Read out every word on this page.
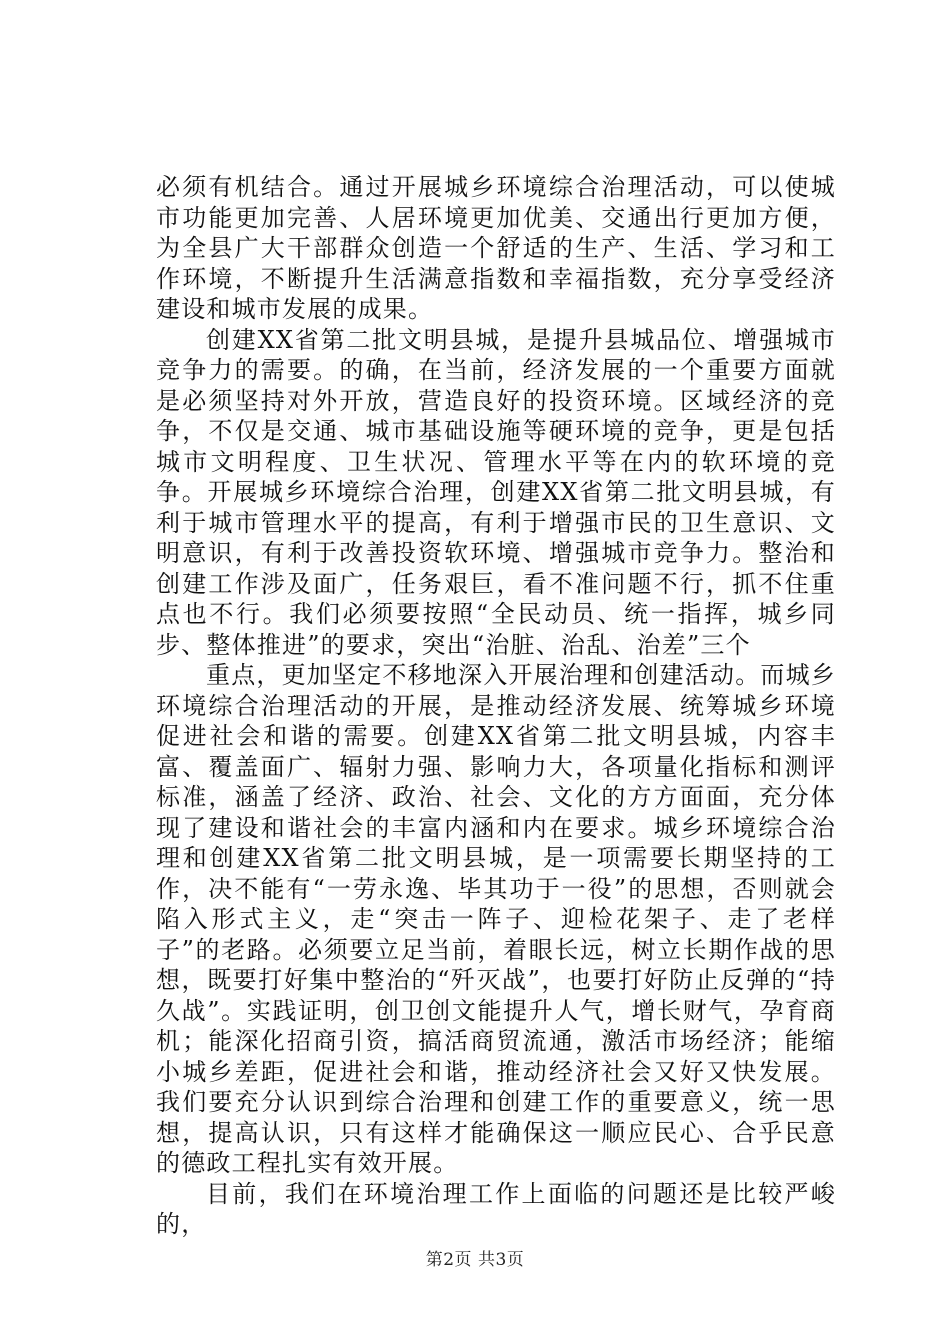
必须有机结合。通过开展城乡环境综合治理活动，可以使城市功能更加完善、人居环境更加优美、交通出行更加方便，为全县广大干部群众创造一个舒适的生产、生活、学习和工作环境，不断提升生活满意指数和幸福指数，充分享受经济建设和城市发展的成果。

创建XX省第二批文明县城，是提升县城品位、增强城市竞争力的需要。的确，在当前，经济发展的一个重要方面就是必须坚持对外开放，营造良好的投资环境。区域经济的竞争，不仅是交通、城市基础设施等硬环境的竞争，更是包括城市文明程度、卫生状况、管理水平等在内的软环境的竞争。开展城乡环境综合治理，创建XX省第二批文明县城，有利于城市管理水平的提高，有利于增强市民的卫生意识、文明意识，有利于改善投资软环境、增强城市竞争力。整治和创建工作涉及面广，任务艰巨，看不准问题不行，抓不住重点也不行。我们必须要按照“全民动员、统一指挥，城乡同步、整体推进”的要求，突出“治脏、治乱、治差”三个

重点，更加坚定不移地深入开展治理和创建活动。而城乡环境综合治理活动的开展，是推动经济发展、统筹城乡环境促进社会和谐的需要。创建XX省第二批文明县城，内容丰富、覆盖面广、辐射力强、影响力大，各项量化指标和测评标准，涵盖了经济、政治、社会、文化的方方面面，充分体现了建设和谐社会的丰富内涵和内在要求。城乡环境综合治理和创建XX省第二批文明县城，是一项需要长期坚持的工作，决不能有“一劳永逸、毕其功于一役”的思想，否则就会陷入形式主义，走“突击一阵子、迎检花架子、走了老样子”的老路。必须要立足当前，着眼长远，树立长期作战的思想，既要打好集中整治的“歼灭战”，也要打好防止反弹的“持久战”。实践证明，创卫创文能提升人气，增长财气，孕育商机；能深化招商引资，搞活商贸流通，激活市场经济；能缩小城乡差距，促进社会和谐，推动经济社会又好又快发展。我们要充分认识到综合治理和创建工作的重要意义，统一思想，提高认识，只有这样才能确保这一顺应民心、合乎民意的德政工程扎实有效开展。

目前，我们在环境治理工作上面临的问题还是比较严峻的，

第2页 共3页
